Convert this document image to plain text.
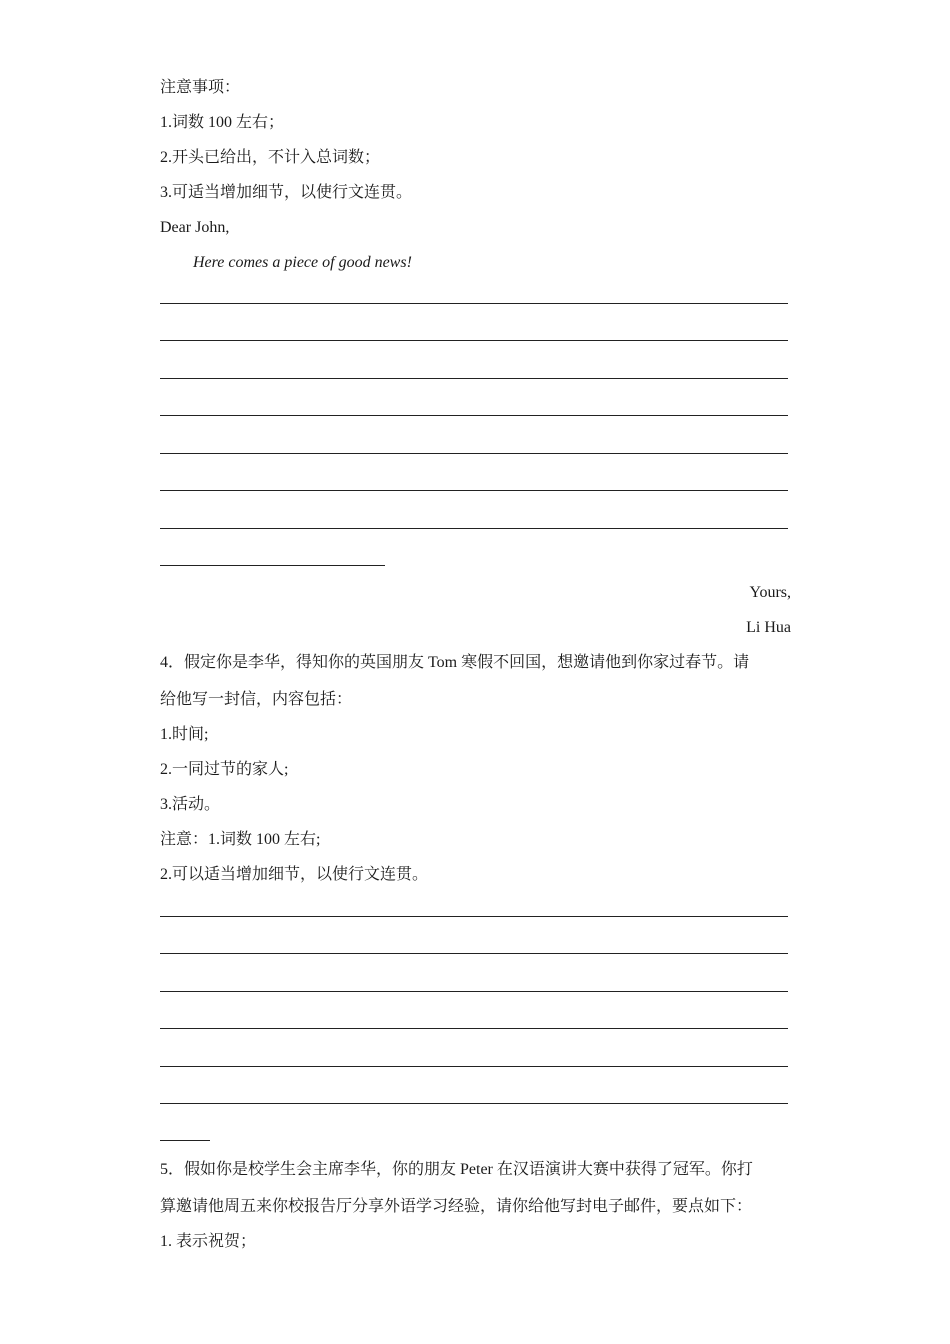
注意事项：
1.词数 100 左右；
2.开头已给出，不计入总词数；
3.可适当增加细节，以使行文连贯。
Dear John,
Here comes a piece of good news!
Yours,
Li Hua
4．假定你是李华，得知你的英国朋友 Tom 寒假不回国，想邀请他到你家过春节。请
给他写一封信，内容包括：
1.时间;
2.一同过节的家人;
3.活动。
注意：1.词数 100 左右;
2.可以适当增加细节，以使行文连贯。
5．假如你是校学生会主席李华，你的朋友 Peter 在汉语演讲大赛中获得了冠军。你打
算邀请他周五来你校报告厅分享外语学习经验，请你给他写封电子邮件，要点如下：
1. 表示祝贺；
